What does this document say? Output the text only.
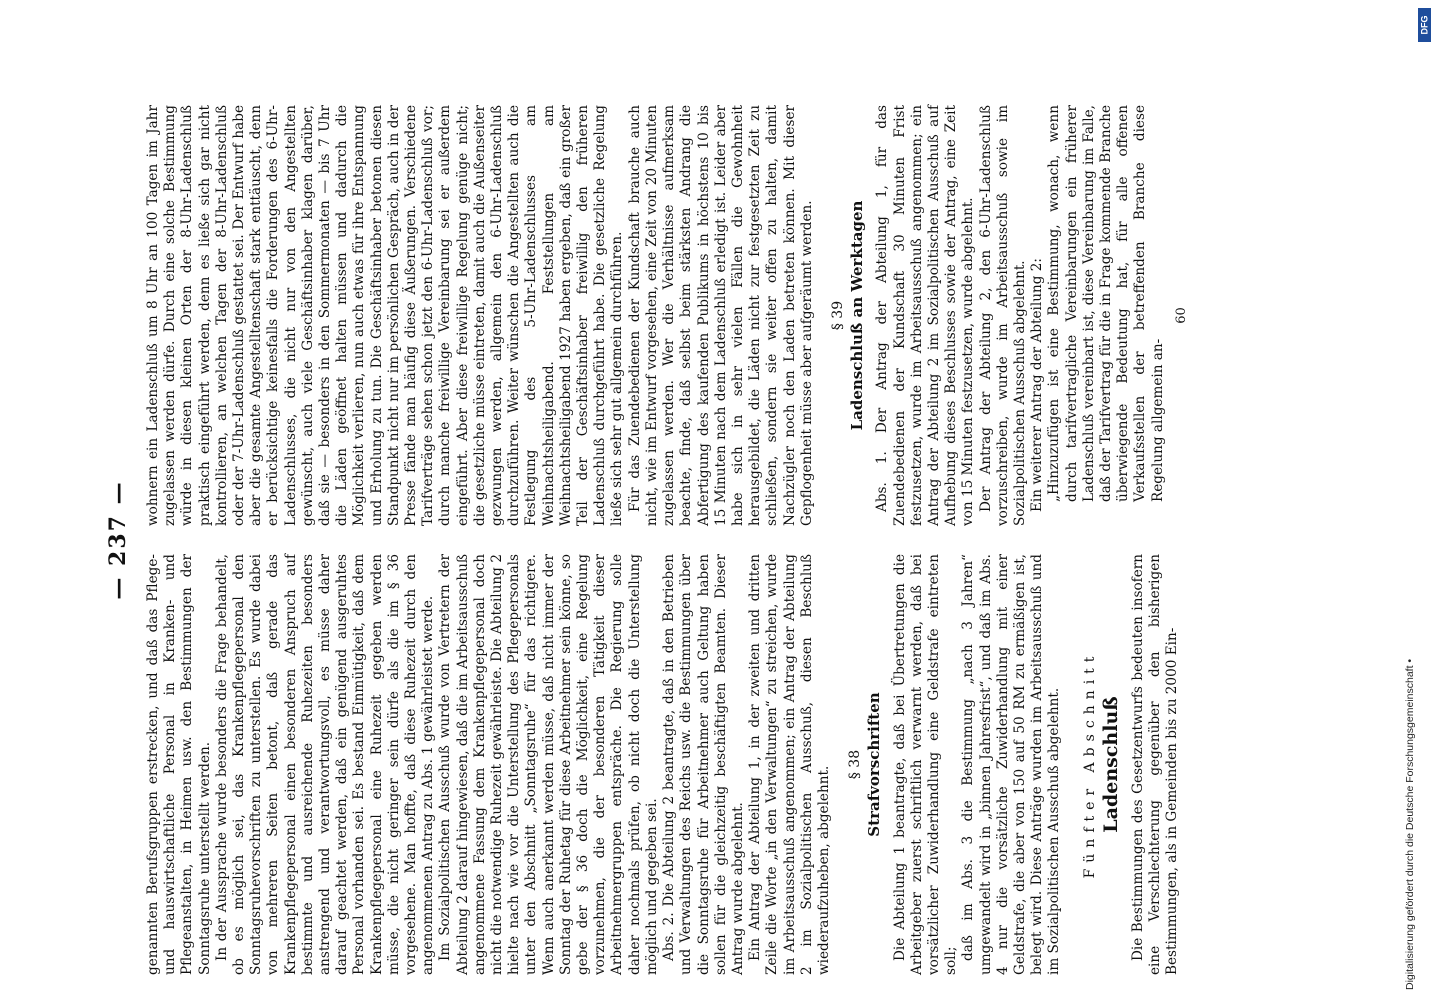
— 237 —

genannten Berufsgruppen erstrecken, und daß das Pflege- und hauswirtschaftliche Personal in Kranken- und Pflegeanstalten, in Heimen usw. den Bestimmungen der Sonntagsruhe unterstellt werden. In der Aussprache wurde besonders die Frage behandelt, ob es möglich sei, das Krankenpflegepersonal den Sonntagsruhevorschriften zu unterstellen. Es wurde dabei von mehreren Seiten betont, daß gerade das Krankenpflegepersonal einen besonderen Anspruch auf bestimmte und ausreichende Ruhezeiten besonders anstrengend und verantwortungsvoll, es müsse daher darauf geachtet werden, daß ein genügend ausgeruhtes Personal vorhanden sei. Es bestand Einmütigkeit, daß dem Krankenpflegepersonal eine Ruhezeit gegeben werden müsse, die nicht geringer sein dürfe als die im § 36 vorgesehene. Man hoffte, daß diese Ruhezeit durch den angenommenen Antrag zu Abs. 1 gewährleistet werde. Im Sozialpolitischen Ausschuß wurde von Vertretern der Abteilung 2 darauf hingewiesen, daß die im Arbeitsausschuß angenommene Fassung dem Krankenpflegepersonal doch nicht die notwendige Ruhezeit gewährleiste. Die Abteilung 2 hielte nach wie vor die Unterstellung des Pflegepersonals unter den Abschnitt „Sonntagsruhe“ für das richtigere. Wenn auch anerkannt werden müsse, daß nicht immer der Sonntag der Ruhetag für diese Arbeitnehmer sein könne, so gebe der § 36 doch die Möglichkeit, eine Regelung vorzunehmen, die der besonderen Tätigkeit dieser Arbeitnehmergruppen entspräche. Die Regierung solle daher nochmals prüfen, ob nicht doch die Unterstellung möglich und gegeben sei. Abs. 2. Die Abteilung 2 beantragte, daß in den Betrieben und Verwaltungen des Reichs usw. die Bestimmungen über die Sonntagsruhe für Arbeitnehmer auch Geltung haben sollen für die gleichzeitig beschäftigten Beamten. Dieser Antrag wurde abgelehnt. Ein Antrag der Abteilung 1, in der zweiten und dritten Zeile die Worte „in den Verwaltungen“ zu streichen, wurde im Arbeitsausschuß angenommen; ein Antrag der Abteilung 2 im Sozialpolitischen Ausschuß, diesen Beschluß wiederaufzuheben, abgelehnt.

§ 38 Strafvorschriften Die Abteilung 1 beantragte, daß bei Übertretungen die Arbeitgeber zuerst schriftlich verwarnt werden, daß bei vorsätzlicher Zuwiderhandlung eine Geldstrafe eintreten soll; daß im Abs. 3 die Bestimmung „nach 3 Jahren“ umgewandelt wird in „binnen Jahresfrist“, und daß im Abs. 4 nur die vorsätzliche Zuwiderhandlung mit einer Geldstrafe, die aber von 150 auf 50 RM zu ermäßigen ist, belegt wird. Diese Anträge wurden im Arbeitsausschuß und im Sozialpolitischen Ausschuß abgelehnt. Fünfter Abschnitt Ladenschluß Die Bestimmungen des Gesetzentwurfs bedeuten insofern eine Verschlechterung gegenüber den bisherigen Bestimmungen, als in Gemeinden bis zu 2000 Ein-

wohnern ein Ladenschluß um 8 Uhr an 100 Tagen im Jahr zugelassen werden dürfe. Durch eine solche Bestimmung würde in diesen kleinen Orten der 8-Uhr-Ladenschluß praktisch eingeführt werden, denn es ließe sich gar nicht kontrollieren, an welchen Tagen der 8-Uhr-Ladenschluß oder der 7-Uhr-Ladenschluß gestattet sei. Der Entwurf habe aber die gesamte Angestelltenschaft stark enttäuscht, denn er berücksichtige keinesfalls die Forderungen des 6-Uhr-Ladenschlusses, die nicht nur von den Angestellten gewünscht, auch viele Geschäftsinhaber klagen darüber, daß sie — besonders in den Sommermonaten — bis 7 Uhr die Läden geöffnet halten müssen und dadurch die Möglichkeit verlieren, nun auch etwas für ihre Entspannung und Erholung zu tun. Die Geschäftsinhaber betonen diesen Standpunkt nicht nur im persönlichen Gespräch, auch in der Presse fände man häufig diese Äußerungen. Verschiedene Tarifverträge sehen schon jetzt den 6-Uhr-Ladenschluß vor; durch manche freiwillige Vereinbarung sei er außerdem eingeführt. Aber diese freiwillige Regelung genüge nicht; die gesetzliche müsse eintreten, damit auch die Außenseiter gezwungen werden, allgemein den 6-Uhr-Ladenschluß durchzuführen. Weiter wünschen die Angestellten auch die Festlegung des 5-Uhr-Ladenschlusses am Weihnachtsheiligabend. Feststellungen am Weihnachtsheiligabend 1927 haben ergeben, daß ein großer Teil der Geschäftsinhaber freiwillig den früheren Ladenschluß durchgeführt habe. Die gesetzliche Regelung ließe sich sehr gut allgemein durchführen. Für das Zuendebedienen der Kundschaft brauche auch nicht, wie im Entwurf vorgesehen, eine Zeit von 20 Minuten zugelassen werden. Wer die Verhältnisse aufmerksam beachte, finde, daß selbst beim stärksten Andrang die Abfertigung des kaufenden Publikums in höchstens 10 bis 15 Minuten nach dem Ladenschluß erledigt ist. Leider aber habe sich in sehr vielen Fällen die Gewohnheit herausgebildet, die Läden nicht zur festgesetzten Zeit zu schließen, sondern sie weiter offen zu halten, damit Nachzügler noch den Laden betreten können. Mit dieser Gepflogenheit müsse aber aufgeräumt werden. § 39 Ladenschluß an Werktagen Abs. 1. Der Antrag der Abteilung 1, für das Zuendebedienen der Kundschaft 30 Minuten Frist festzusetzen, wurde im Arbeitsausschuß angenommen; ein Antrag der Abteilung 2 im Sozialpolitischen Ausschuß auf Aufhebung dieses Beschlusses sowie der Antrag, eine Zeit von 15 Minuten festzusetzen, wurde abgelehnt. Der Antrag der Abteilung 2, den 6-Uhr-Ladenschluß vorzuschreiben, wurde im Arbeitsausschuß sowie im Sozialpolitischen Ausschuß abgelehnt. Ein weiterer Antrag der Abteilung 2: „Hinzuzufügen ist eine Bestimmung, wonach, wenn durch tarifvertragliche Vereinbarungen ein früherer Ladenschluß vereinbart ist, diese Vereinbarung im Falle, daß der Tarifvertrag für die in Frage kommende Branche überwiegende Bedeutung hat, für alle offenen Verkaufsstellen der betreffenden Branche diese Regelung allgemein an-

60
Digitalisierung gefördert durch die Deutsche Forschungsgemeinschaft •
DFG
